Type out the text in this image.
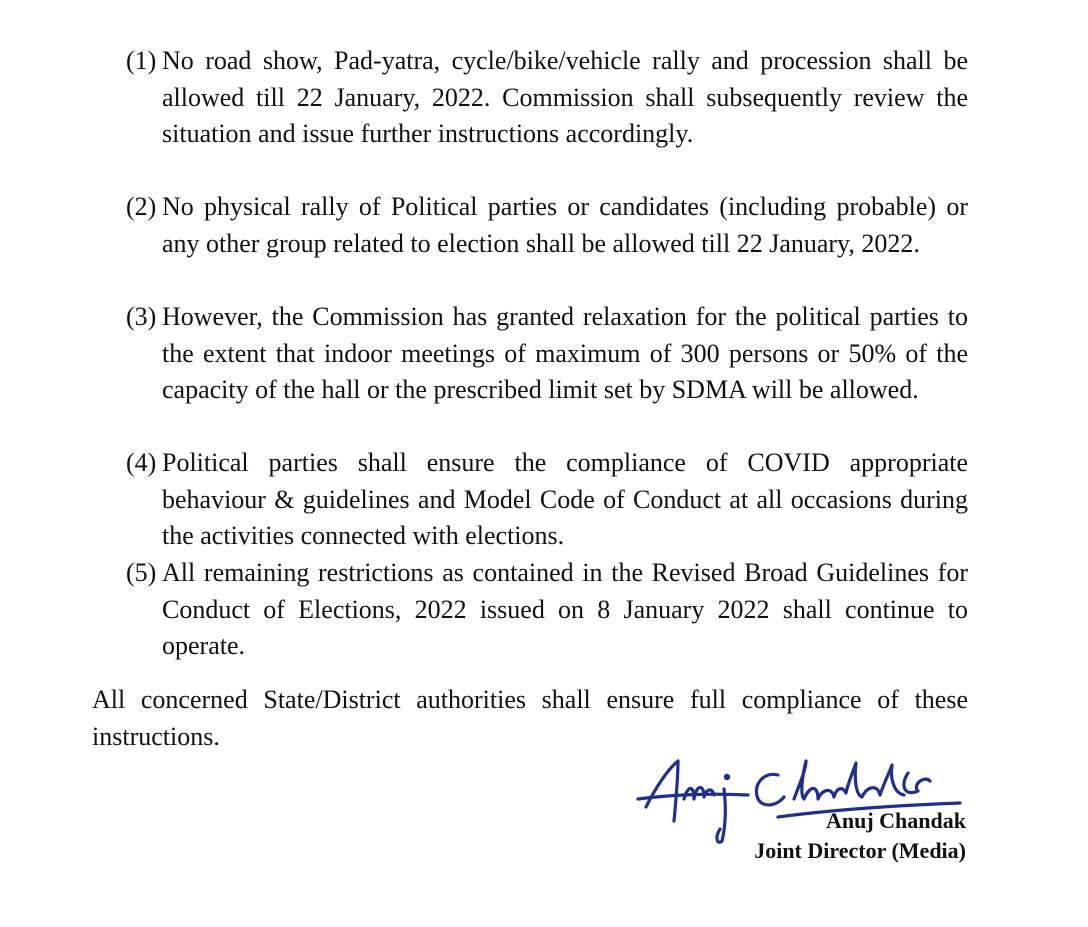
(1) No road show, Pad-yatra, cycle/bike/vehicle rally and procession shall be allowed till 22 January, 2022. Commission shall subsequently review the situation and issue further instructions accordingly.
(2) No physical rally of Political parties or candidates (including probable) or any other group related to election shall be allowed till 22 January, 2022.
(3) However, the Commission has granted relaxation for the political parties to the extent that indoor meetings of maximum of 300 persons or 50% of the capacity of the hall or the prescribed limit set by SDMA will be allowed.
(4) Political parties shall ensure the compliance of COVID appropriate behaviour & guidelines and Model Code of Conduct at all occasions during the activities connected with elections.
(5) All remaining restrictions as contained in the Revised Broad Guidelines for Conduct of Elections, 2022 issued on 8 January 2022 shall continue to operate.
All concerned State/District authorities shall ensure full compliance of these instructions.
Anuj Chandak
Joint Director (Media)
